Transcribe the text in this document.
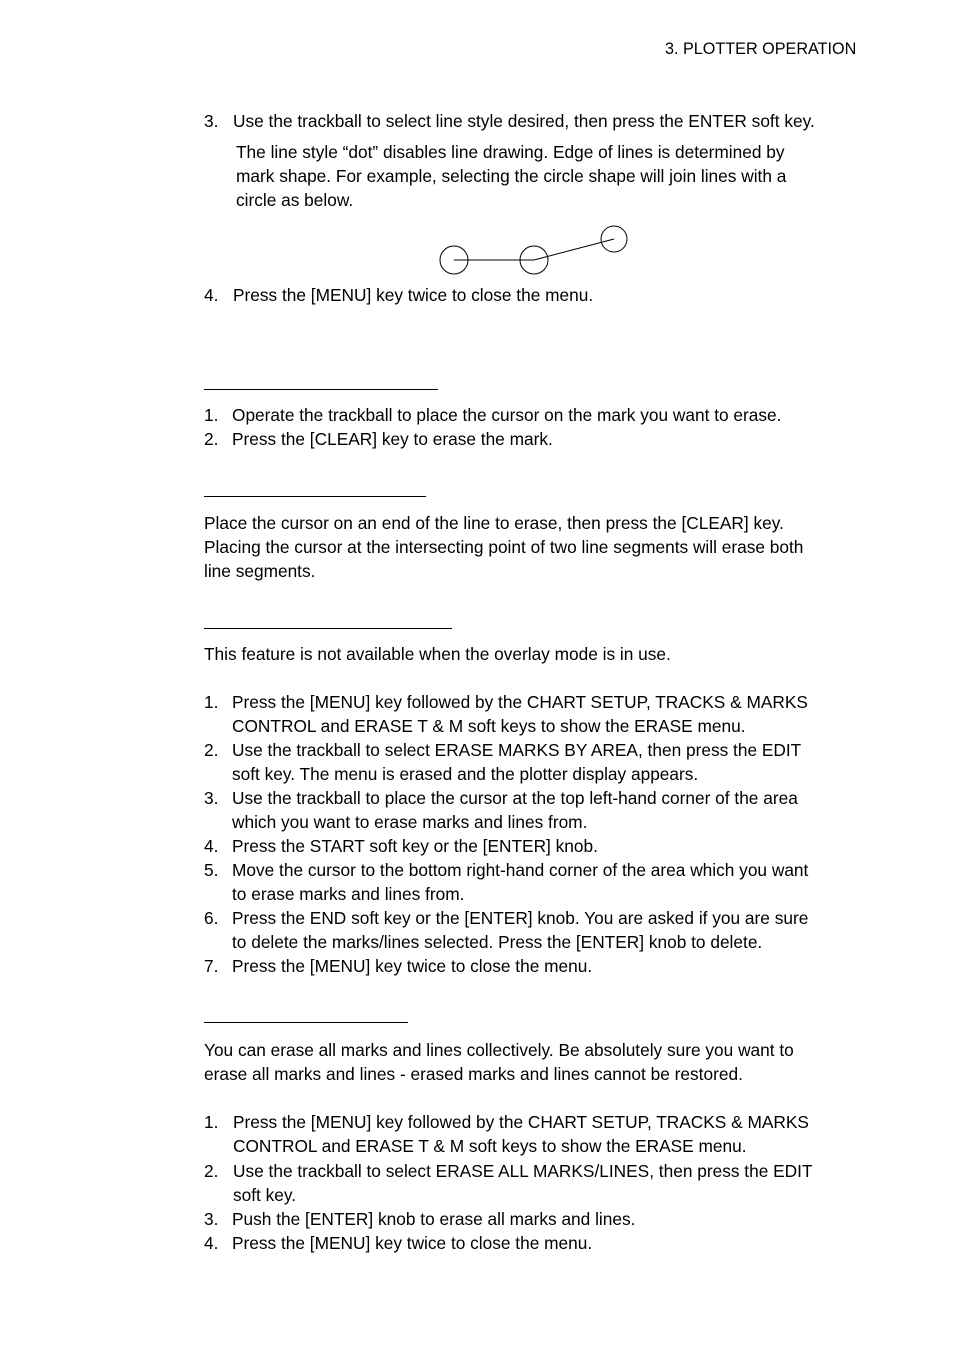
3. PLOTTER OPERATION
3. Use the trackball to select line style desired, then press the ENTER soft key.
The line style “dot” disables line drawing. Edge of lines is determined by
mark shape. For example, selecting the circle shape will join lines with a
circle as below.
4. Press the [MENU] key twice to close the menu.
1. Operate the trackball to place the cursor on the mark you want to erase.
2. Press the [CLEAR] key to erase the mark.
Place the cursor on an end of the line to erase, then press the [CLEAR] key.
Placing the cursor at the intersecting point of two line segments will erase both
line segments.
This feature is not available when the overlay mode is in use.
1. Press the [MENU] key followed by the CHART SETUP, TRACKS & MARKS
CONTROL and ERASE T & M soft keys to show the ERASE menu.
2. Use the trackball to select ERASE MARKS BY AREA, then press the EDIT
soft key. The menu is erased and the plotter display appears.
3. Use the trackball to place the cursor at the top left-hand corner of the area
which you want to erase marks and lines from.
4. Press the START soft key or the [ENTER] knob.
5. Move the cursor to the bottom right-hand corner of the area which you want
to erase marks and lines from.
6. Press the END soft key or the [ENTER] knob. You are asked if you are sure
to delete the marks/lines selected. Press the [ENTER] knob to delete.
7. Press the [MENU] key twice to close the menu.
You can erase all marks and lines collectively. Be absolutely sure you want to
erase all marks and lines - erased marks and lines cannot be restored.
1. Press the [MENU] key followed by the CHART SETUP, TRACKS & MARKS
CONTROL and ERASE T & M soft keys to show the ERASE menu.
2. Use the trackball to select ERASE ALL MARKS/LINES, then press the EDIT
soft key.
3. Push the [ENTER] knob to erase all marks and lines.
4. Press the [MENU] key twice to close the menu.
